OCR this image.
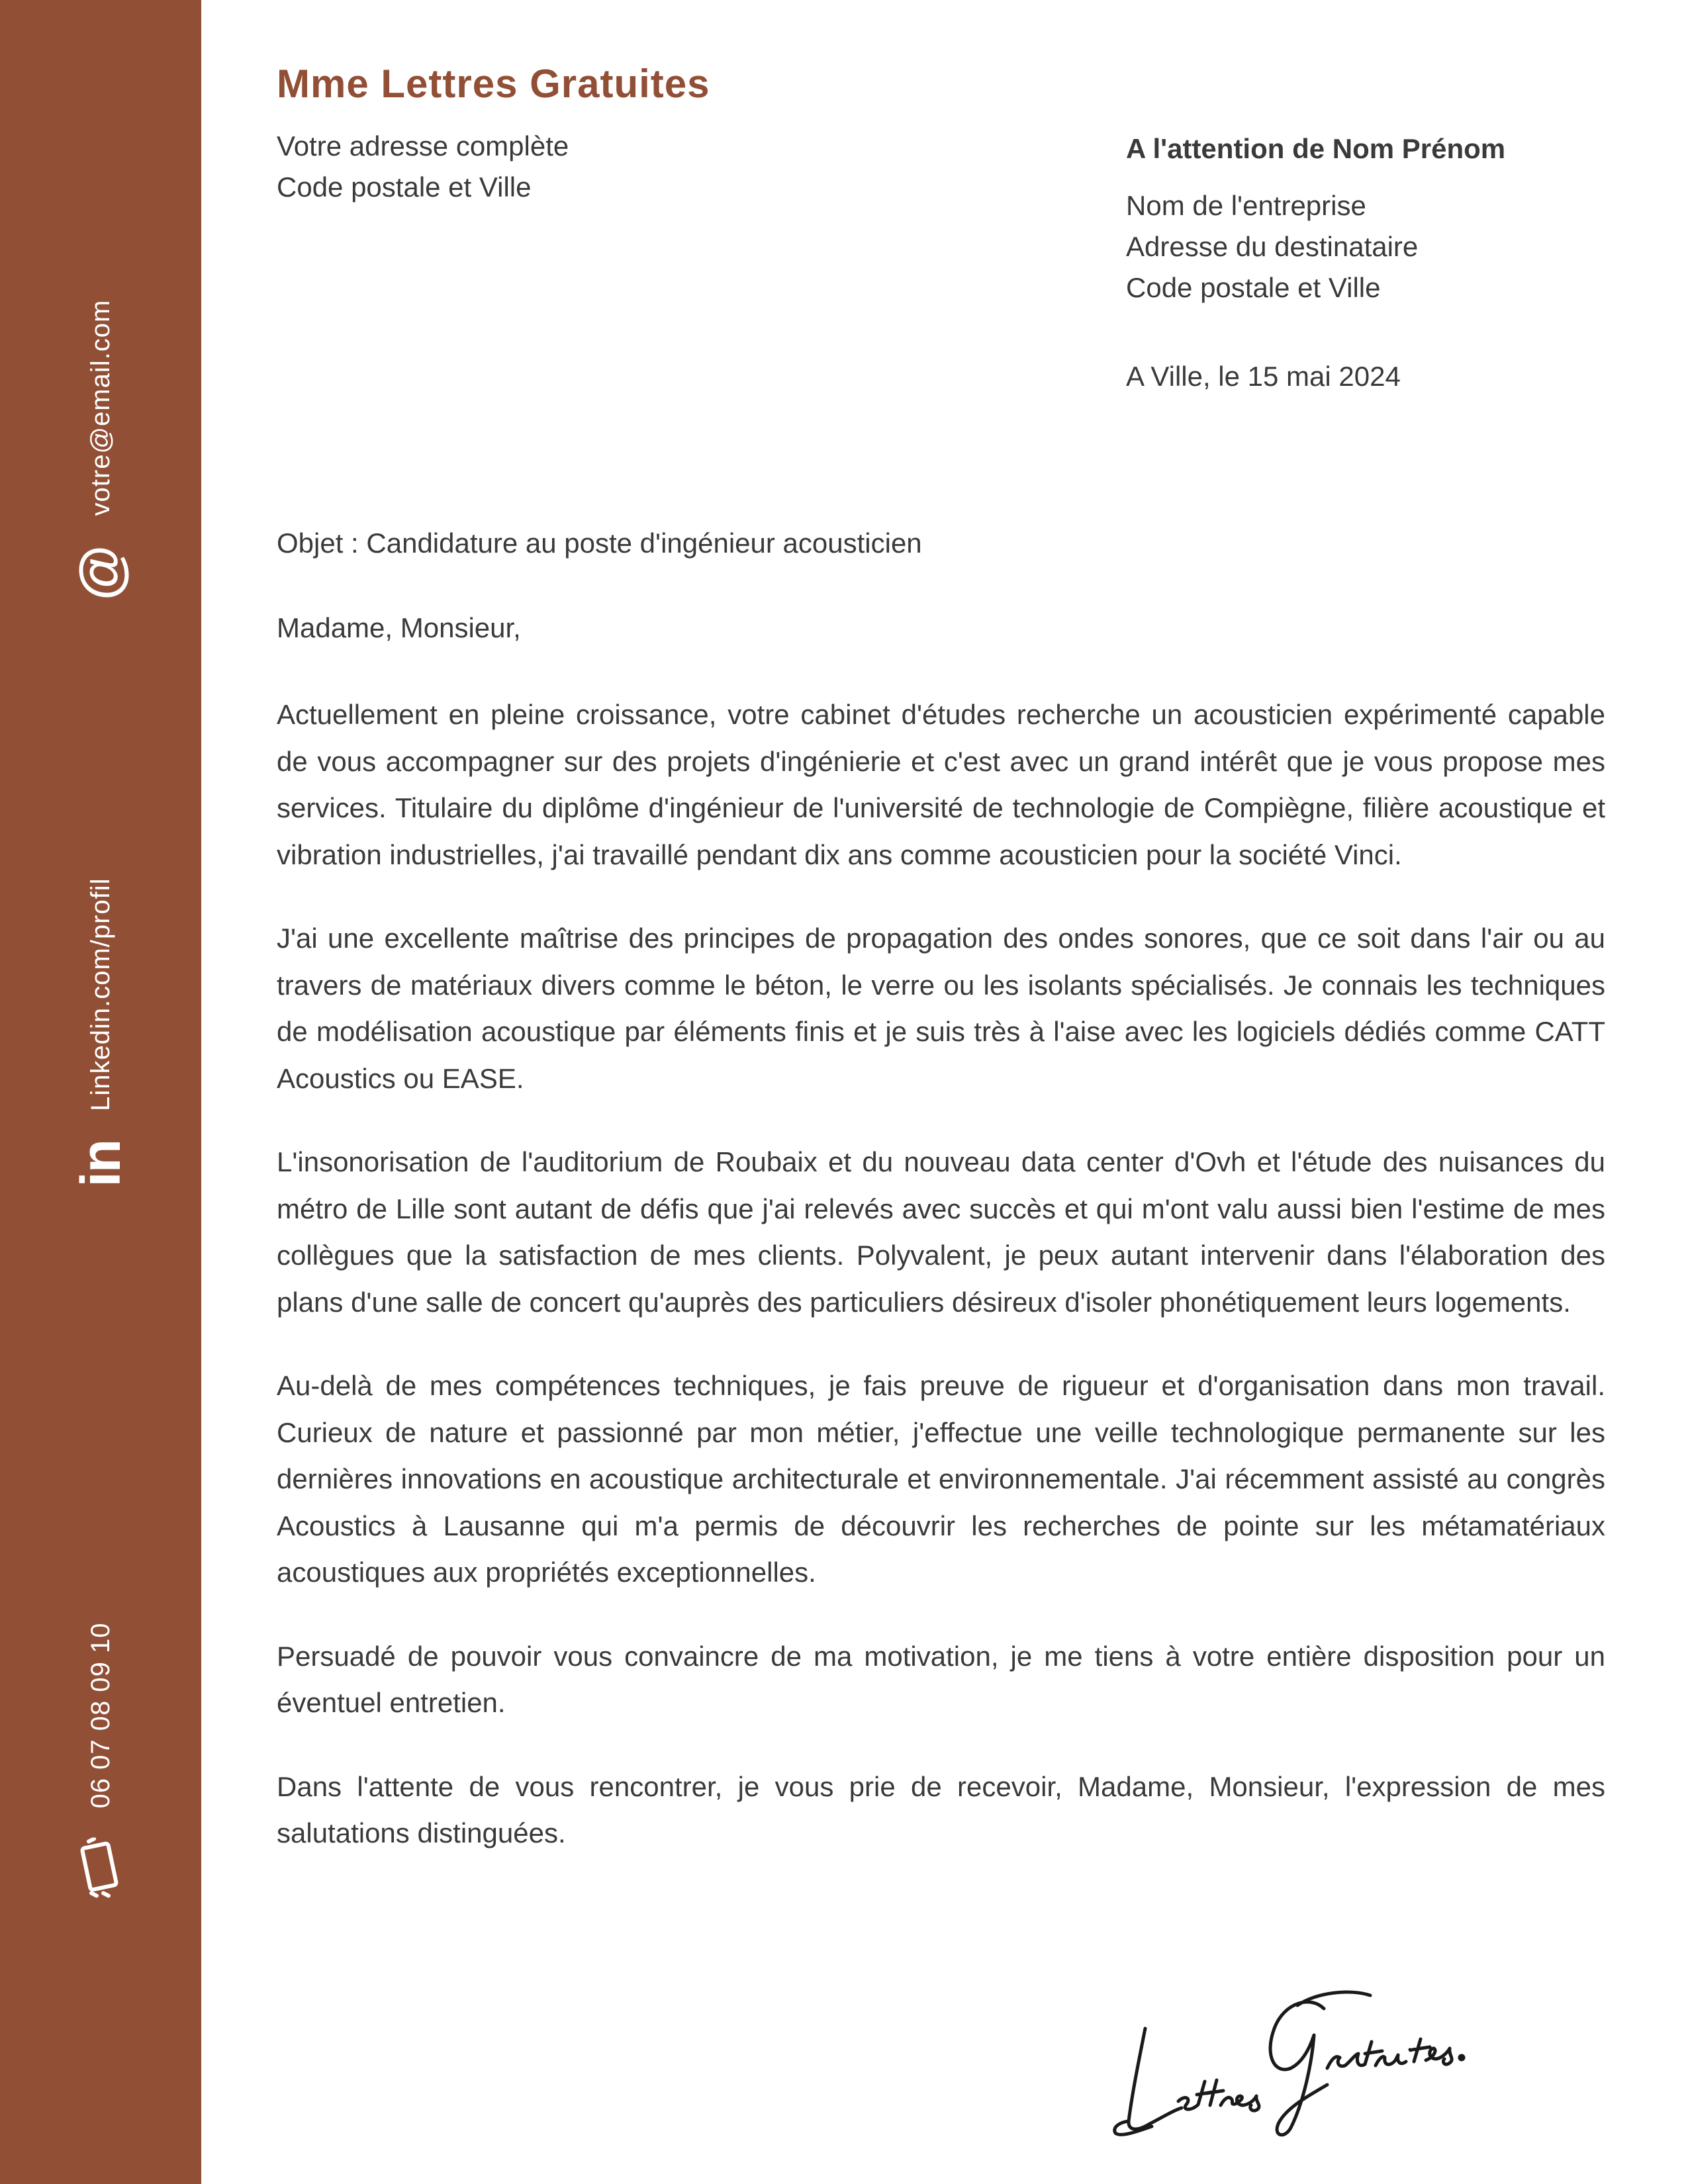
@
votre@email.com
in
Linkedin.com/profil
06 07 08 09 10
Mme Lettres Gratuites
Votre adresse complète
Code postale et Ville
A l'attention de Nom Prénom
Nom de l'entreprise
Adresse du destinataire
Code postale et Ville
A Ville, le 15 mai 2024
Objet : Candidature au poste d'ingénieur acousticien
Madame, Monsieur,

Actuellement en pleine croissance, votre cabinet d'études recherche un acousticien expérimenté capable de vous accompagner sur des projets d'ingénierie et c'est avec un grand intérêt que je vous propose mes services. Titulaire du diplôme d'ingénieur de l'université de technologie de Compiègne, filière acoustique et vibration industrielles, j'ai travaillé pendant dix ans comme acousticien pour la société Vinci.

J'ai une excellente maîtrise des principes de propagation des ondes sonores, que ce soit dans l'air ou au travers de matériaux divers comme le béton, le verre ou les isolants spécialisés. Je connais les techniques de modélisation acoustique par éléments finis et je suis très à l'aise avec les logiciels dédiés comme CATT Acoustics ou EASE.

L'insonorisation de l'auditorium de Roubaix et du nouveau data center d'Ovh et l'étude des nuisances du métro de Lille sont autant de défis que j'ai relevés avec succès et qui m'ont valu aussi bien l'estime de mes collègues que la satisfaction de mes clients. Polyvalent, je peux autant intervenir dans l'élaboration des plans d'une salle de concert qu'auprès des particuliers désireux d'isoler phonétiquement leurs logements.

Au-delà de mes compétences techniques, je fais preuve de rigueur et d'organisation dans mon travail. Curieux de nature et passionné par mon métier, j'effectue une veille technologique permanente sur les dernières innovations en acoustique architecturale et environnementale. J'ai récemment assisté au congrès Acoustics à Lausanne qui m'a permis de découvrir les recherches de pointe sur les métamatériaux acoustiques aux propriétés exceptionnelles.

Persuadé de pouvoir vous convaincre de ma motivation, je me tiens à votre entière disposition pour un éventuel entretien.

Dans l'attente de vous rencontrer, je vous prie de recevoir, Madame, Monsieur, l'expression de mes salutations distinguées.
